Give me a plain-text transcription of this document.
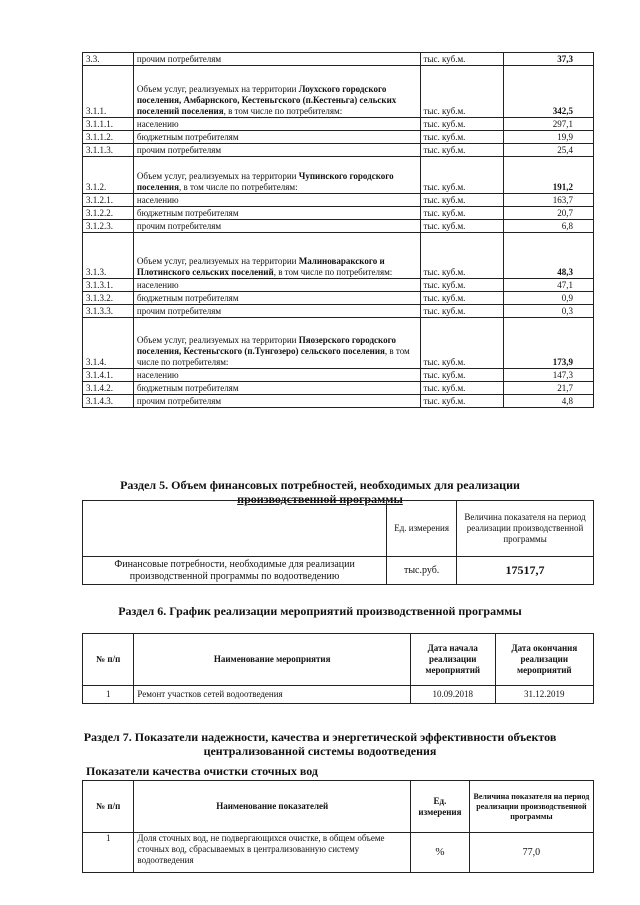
3.3.	прочим потребителям	тыс. куб.м.	37,3
3.1.1.	Объем услуг, реализуемых на территории Лоухского городского поселения, Амбарнского, Кестеньгского (п.Кестеньга) сельских поселений поселения, в том числе по потребителям:	тыс. куб.м.	342,5
3.1.1.1.	населению	тыс. куб.м.	297,1
3.1.1.2.	бюджетным потребителям	тыс. куб.м.	19,9
3.1.1.3.	прочим потребителям	тыс. куб.м.	25,4
3.1.2.	Объем услуг, реализуемых на территории Чупинского городского поселения, в том числе по потребителям:	тыс. куб.м.	191,2
3.1.2.1.	населению	тыс. куб.м.	163,7
3.1.2.2.	бюджетным потребителям	тыс. куб.м.	20,7
3.1.2.3.	прочим потребителям	тыс. куб.м.	6,8
3.1.3.	Объем услуг, реализуемых на территории Малиноваракского и Плотинского сельских поселений, в том числе по потребителям:	тыс. куб.м.	48,3
3.1.3.1.	населению	тыс. куб.м.	47,1
3.1.3.2.	бюджетным потребителям	тыс. куб.м.	0,9
3.1.3.3.	прочим потребителям	тыс. куб.м.	0,3
3.1.4.	Объем услуг, реализуемых на территории Пяозерского городского поселения, Кестеньгского (п.Тунгозеро) сельского поселения, в том числе по потребителям:	тыс. куб.м.	173,9
3.1.4.1.	населению	тыс. куб.м.	147,3
3.1.4.2.	бюджетным потребителям	тыс. куб.м.	21,7
3.1.4.3.	прочим потребителям	тыс. куб.м.	4,8
Раздел 5. Объем финансовых потребностей, необходимых для реализации
производственной программы
	Ед. измерения	Величина показателя на период реализации производственной программы
Финансовые потребности, необходимые для реализации производственной программы по водоотведению	тыс.руб.	17517,7
Раздел 6. График реализации мероприятий производственной программы
№ п/п	Наименование мероприятия	Дата начала реализации мероприятий	Дата окончания реализации мероприятий
1	Ремонт участков сетей водоотведения	10.09.2018	31.12.2019
Раздел 7. Показатели надежности, качества и энергетической эффективности объектов
централизованной системы водоотведения
Показатели качества очистки сточных вод
№ п/п	Наименование показателей	Ед. измерения	Величина показателя на период реализации производственной программы
1	Доля сточных вод, не подвергающихся очистке, в общем объеме сточных вод, сбрасываемых в централизованную систему водоотведения	%	77,0
